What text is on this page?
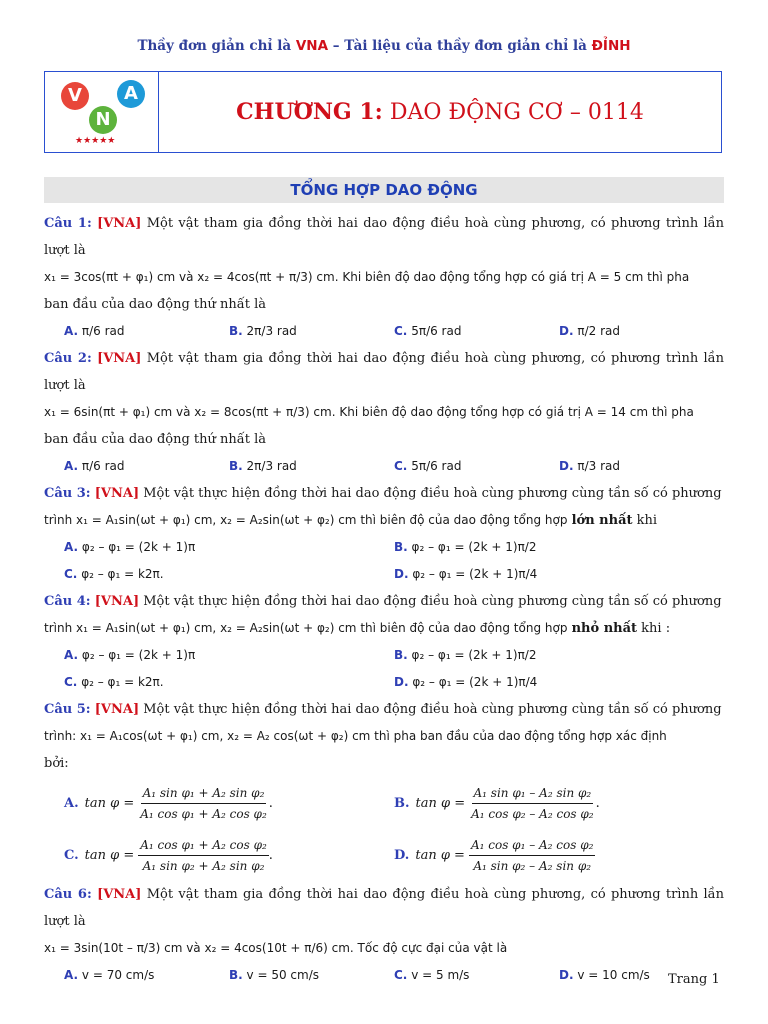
Thầy đơn giản chỉ là VNA – Tài liệu của thầy đơn giản chỉ là ĐỈNH
V	A
N
★★★★★
CHƯƠNG 1:
DAO ĐỘNG CƠ – 0114
TỔNG HỢP DAO ĐỘNG
Câu 1: [VNA] Một vật tham gia đồng thời hai dao động điều hoà cùng phương, có phương trình lần lượt là
x₁ = 3cos(πt + φ₁) cm và x₂ = 4cos(πt + π/3) cm. Khi biên độ dao động tổng hợp có giá trị A = 5 cm thì pha
ban đầu của dao động thứ nhất là
A. π/6 rad	B. 2π/3 rad	C. 5π/6 rad	D. π/2 rad
Câu 2: [VNA] Một vật tham gia đồng thời hai dao động điều hoà cùng phương, có phương trình lần lượt là
x₁ = 6sin(πt + φ₁) cm và x₂ = 8cos(πt + π/3) cm. Khi biên độ dao động tổng hợp có giá trị A = 14 cm thì pha
ban đầu của dao động thứ nhất là
A. π/6 rad	B. 2π/3 rad	C. 5π/6 rad	D. π/3 rad
Câu 3: [VNA] Một vật thực hiện đồng thời hai dao động điều hoà cùng phương cùng tần số có phương
trình x₁ = A₁sin(ωt + φ₁) cm, x₂ = A₂sin(ωt + φ₂) cm thì biên độ của dao động tổng hợp lớn nhất khi
A. φ₂ – φ₁ = (2k + 1)π	B. φ₂ – φ₁ = (2k + 1)π/2
C. φ₂ – φ₁ = k2π.	D. φ₂ – φ₁ = (2k + 1)π/4
Câu 4: [VNA] Một vật thực hiện đồng thời hai dao động điều hoà cùng phương cùng tần số có phương
trình x₁ = A₁sin(ωt + φ₁) cm, x₂ = A₂sin(ωt + φ₂) cm thì biên độ của dao động tổng hợp nhỏ nhất khi :
A. φ₂ – φ₁ = (2k + 1)π	B. φ₂ – φ₁ = (2k + 1)π/2
C. φ₂ – φ₁ = k2π.	D. φ₂ – φ₁ = (2k + 1)π/4
Câu 5: [VNA] Một vật thực hiện đồng thời hai dao động điều hoà cùng phương cùng tần số có phương
trình: x₁ = A₁cos(ωt + φ₁) cm, x₂ = A₂ cos(ωt + φ₂) cm thì pha ban đầu của dao động tổng hợp xác định
bởi:
A. $\tan \varphi = \frac{\text{A₁ sin φ₁ + A₂ sin φ₂}}{\text{A₁ cos φ₁ + A₂ cos φ₂}}$ .	B. $\tan \varphi = \frac{\text{A₁ sin φ₁ – A₂ sin φ₂}}{\text{A₁ cos φ₂ – A₂ cos φ₂}}$ .
C. $\tan \varphi = \frac{\text{A₁ cos φ₁ + A₂ cos φ₂}}{\text{A₁ sin φ₂ + A₂ sin φ₂}}$ .	D. $\tan \varphi = \frac{\text{A₁ cos φ₁ – A₂ cos φ₂}}{\text{A₁ sin φ₂ – A₂ sin φ₂}}$
Câu 6: [VNA] Một vật tham gia đồng thời hai dao động điều hoà cùng phương, có phương trình lần lượt là
x₁ = 3sin(10t – π/3) cm và x₂ = 4cos(10t + π/6) cm. Tốc độ cực đại của vật là
A. v = 70 cm/s	B. v = 50 cm/s	C. v = 5 m/s	D. v = 10 cm/s	Trang 1
